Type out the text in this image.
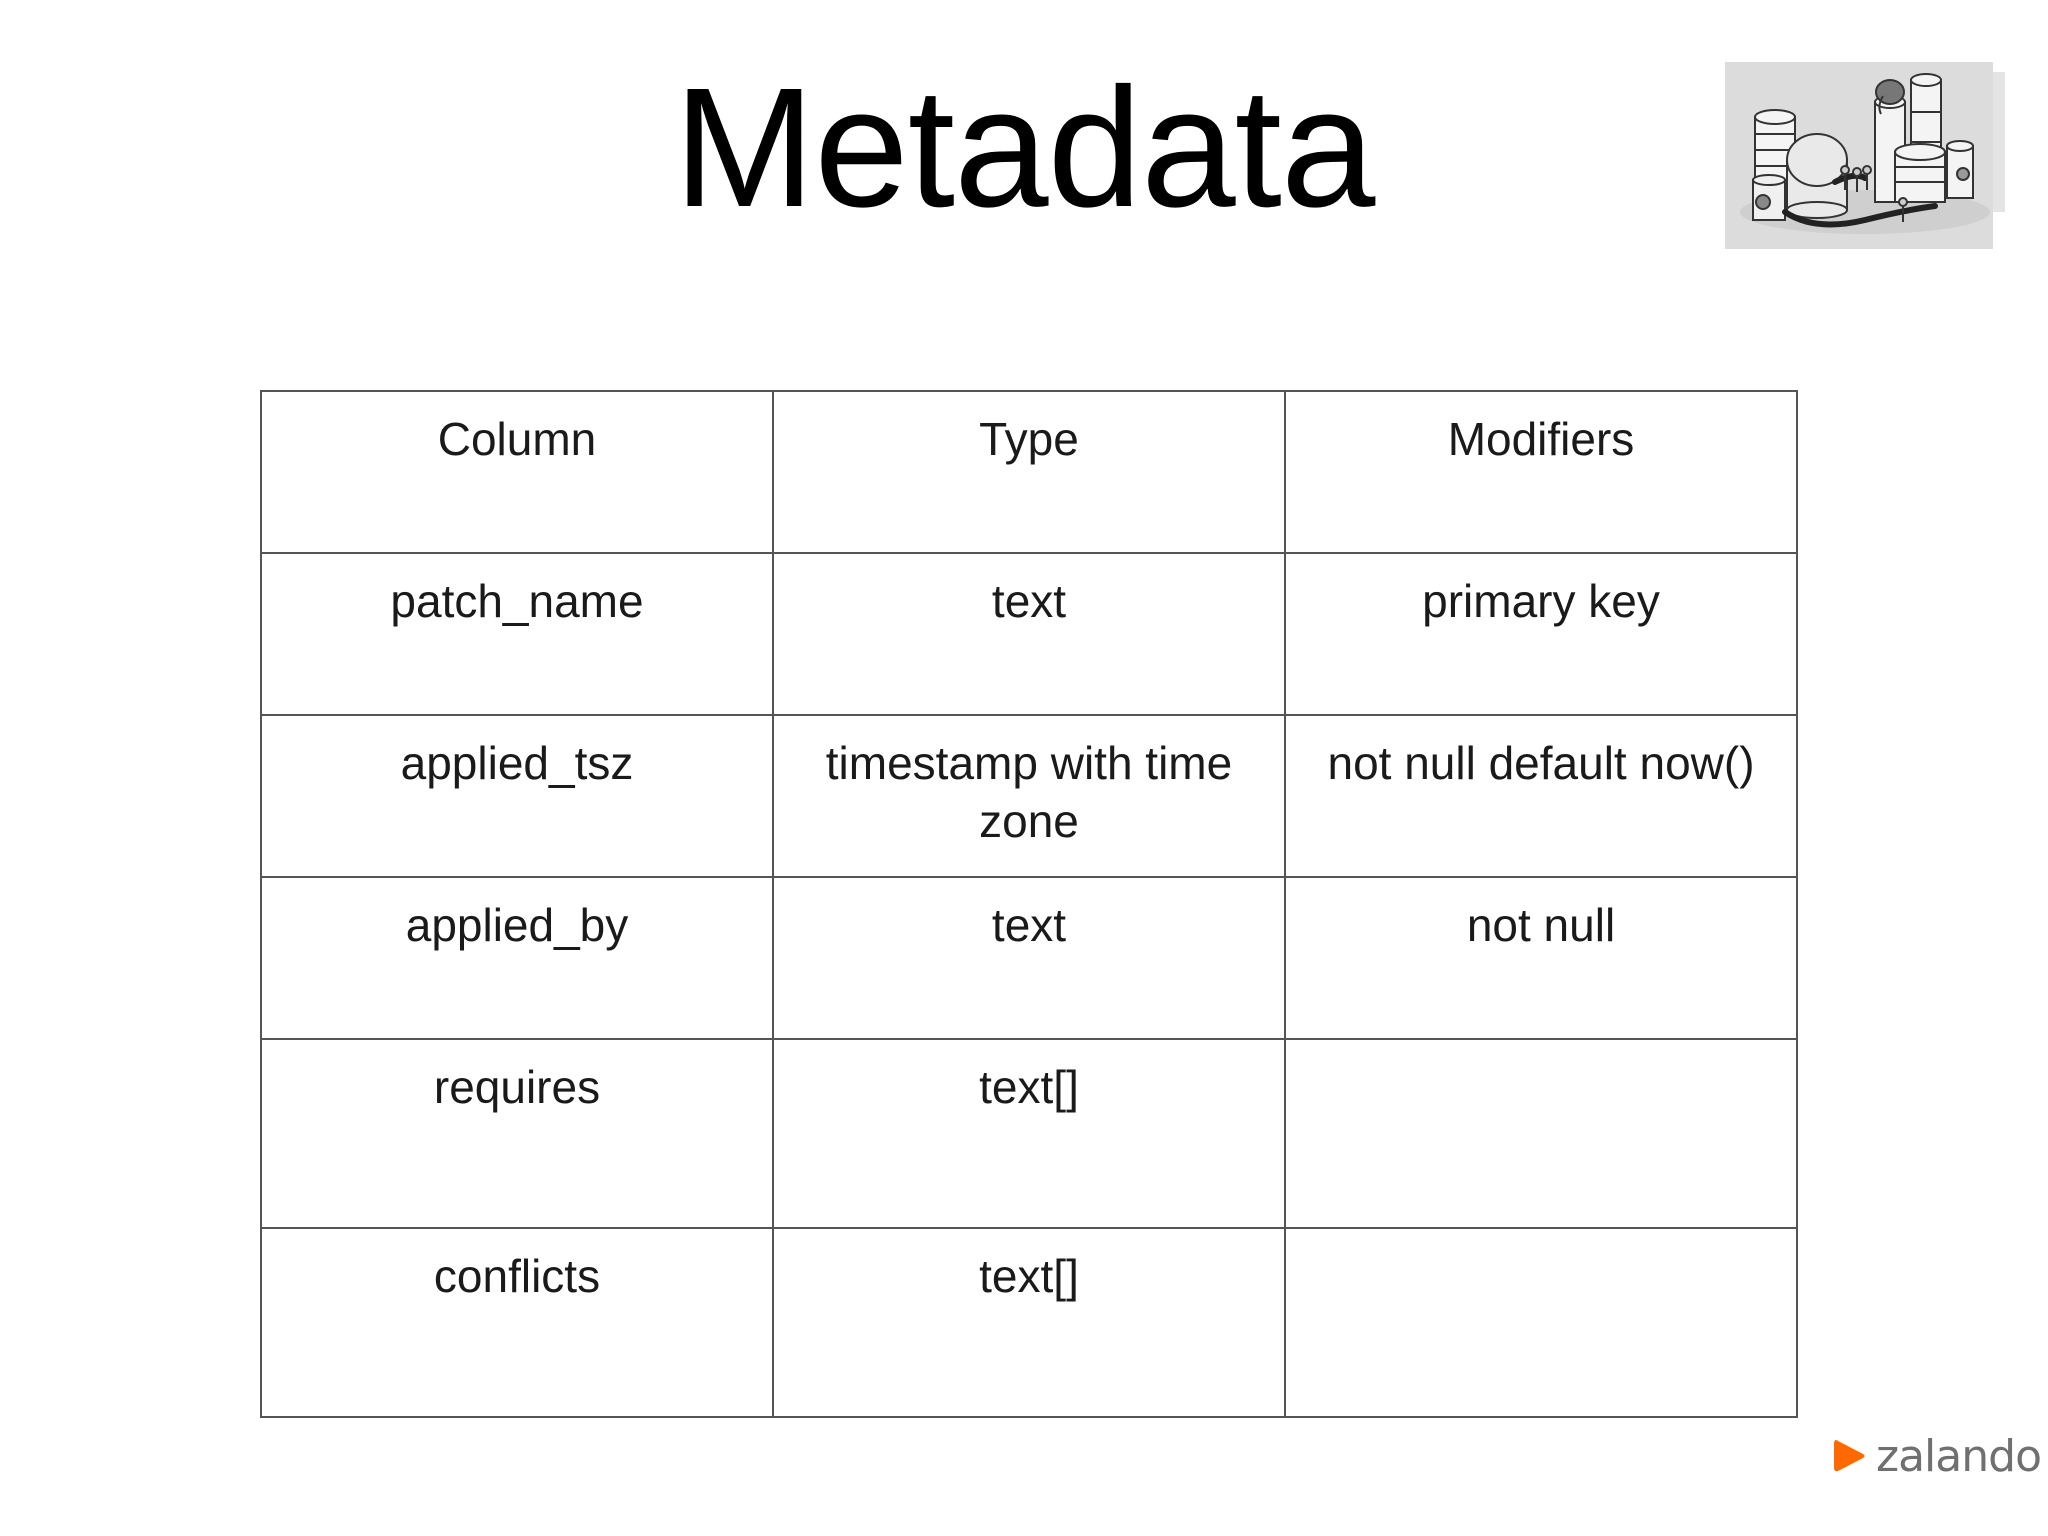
Metadata
Column	Type	Modifiers
patch_name	text	primary key
applied_tsz	timestamp with time zone	not null default now()
applied_by	text	not null
requires	text[]	
conflicts	text[]	
zalando
